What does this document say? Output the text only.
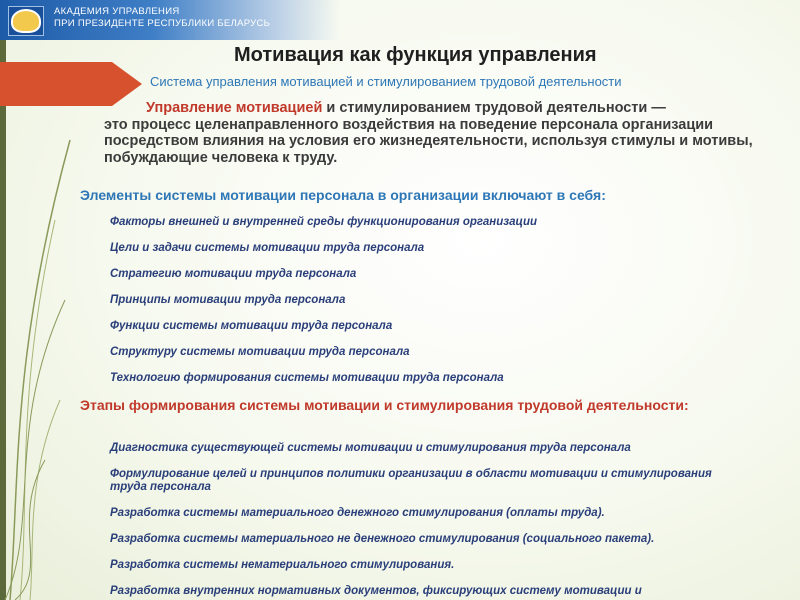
АКАДЕМИЯ УПРАВЛЕНИЯ
ПРИ ПРЕЗИДЕНТЕ РЕСПУБЛИКИ БЕЛАРУСЬ
Мотивация как функция управления
Система управления мотивацией и стимулированием трудовой деятельности
Управление мотивацией и стимулированием трудовой деятельности —
это процесс целенаправленного воздействия на поведение персонала организации посредством влияния на условия его жизнедеятельности, используя стимулы и мотивы, побуждающие человека к труду.
Элементы системы мотивации персонала в организации включают в себя:
Факторы внешней и внутренней среды функционирования организации
Цели и задачи системы мотивации труда персонала
Стратегию мотивации труда персонала
Принципы мотивации труда персонала
Функции системы мотивации труда персонала
Структуру системы мотивации труда персонала
Технологию формирования системы мотивации труда персонала
Этапы формирования системы мотивации и стимулирования трудовой деятельности:
Диагностика существующей системы мотивации и стимулирования труда персонала
Формулирование целей и принципов политики организации в области мотивации и стимулирования труда персонала
Разработка системы материального денежного стимулирования (оплаты труда).
Разработка системы материального не денежного стимулирования (социального пакета).
Разработка системы нематериального стимулирования.
Разработка внутренних нормативных документов, фиксирующих систему мотивации и
